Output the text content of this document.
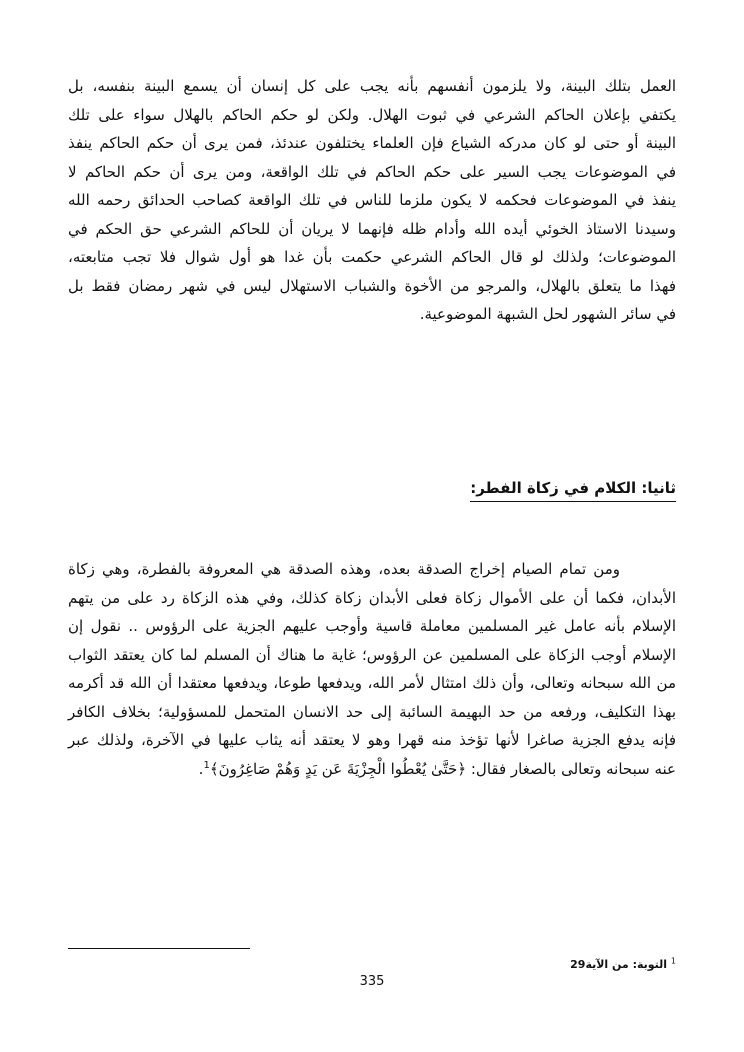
العمل بتلك البينة، ولا يلزمون أنفسهم بأنه يجب على كل إنسان أن يسمع البينة بنفسه، بل
يكتفي بإعلان الحاكم الشرعي في ثبوت الهلال. ولكن لو حكم الحاكم بالهلال سواء على تلك
البينة أو حتى لو كان مدركه الشياع فإن العلماء يختلفون عندئذ، فمن يرى أن حكم الحاكم ينفذ
في الموضوعات يجب السير على حكم الحاكم في تلك الواقعة، ومن يرى أن حكم الحاكم لا
ينفذ في الموضوعات فحكمه لا يكون ملزما للناس في تلك الواقعة كصاحب الحدائق رحمه الله
وسيدنا الاستاذ الخوئي أيده الله وأدام ظله فإنهما لا يريان أن للحاكم الشرعي حق الحكم في
الموضوعات؛ ولذلك لو قال الحاكم الشرعي حكمت بأن غدا هو أول شوال فلا تجب متابعته،
فهذا ما يتعلق بالهلال، والمرجو من الأخوة والشباب الاستهلال ليس في شهر رمضان فقط بل
في سائر الشهور لحل الشبهة الموضوعية.
ثانيا: الكلام في زكاة الفطر:
ومن تمام الصيام إخراج الصدقة بعده، وهذه الصدقة هي المعروفة بالفطرة، وهي زكاة
الأبدان، فكما أن على الأموال زكاة فعلى الأبدان زكاة كذلك، وفي هذه الزكاة رد على من يتهم
الإسلام بأنه عامل غير المسلمين معاملة قاسية وأوجب عليهم الجزية على الرؤوس .. نقول إن
الإسلام أوجب الزكاة على المسلمين عن الرؤوس؛ غاية ما هناك أن المسلم لما كان يعتقد الثواب
من الله سبحانه وتعالى، وأن ذلك امتثال لأمر الله، ويدفعها طوعا، ويدفعها معتقدا أن الله قد أكرمه
بهذا التكليف، ورفعه من حد البهيمة السائبة إلى حد الانسان المتحمل للمسؤولية؛ بخلاف الكافر
فإنه يدفع الجزية صاغرا لأنها تؤخذ منه قهرا وهو لا يعتقد أنه يثاب عليها في الآخرة، ولذلك عبر
عنه سبحانه وتعالى بالصغار فقال: ﴿حَتَّىٰ يُعْطُوا الْجِزْيَةَ عَن يَدٍ وَهُمْ صَاغِرُونَ﴾$^1$.
$^1$ التوبة: من الآية29
335
